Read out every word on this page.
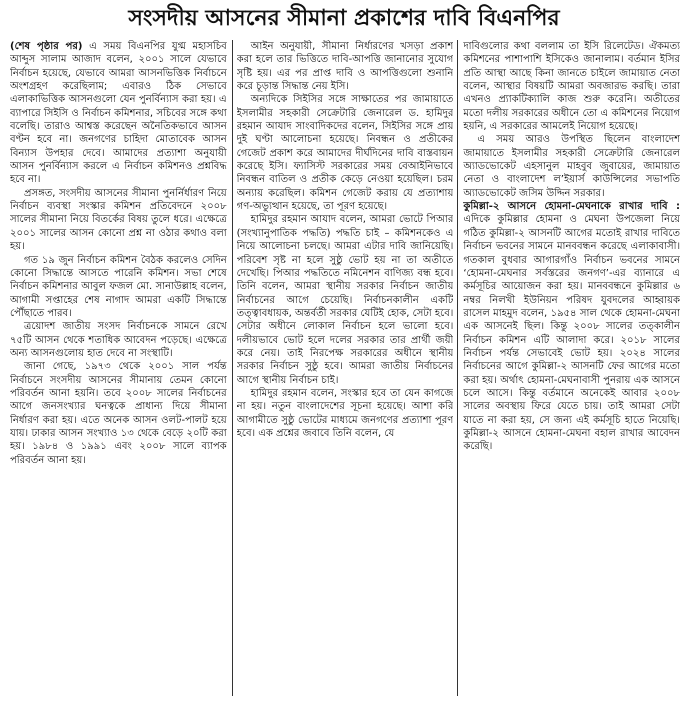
সংসদীয় আসনের সীমানা প্রকাশের দাবি বিএনপির

(শেষ পৃষ্ঠার পর) এ সময় বিএনপির যুগ্ম মহাসচিব আব্দুস সালাম আজাদ বলেন, ২০০১ সালে যেভাবে নির্বাচন হয়েছে, যেভাবে আমরা আসনভিত্তিক নির্বাচনে অংশগ্রহণ করেছিলাম; এবারও ঠিক সেভাবে এলাকাভিত্তিক আসনগুলো যেন পুনর্বিন্যাস করা হয়। এ ব্যাপারে সিইসি ও নির্বাচন কমিশনার, সচিবের সঙ্গে কথা বলেছি। তারাও আশ্বস্ত করেছেন অনৈতিকভাবে আসন বণ্টন হবে না। জনগণের চাহিদা মোতাবেক আসন বিন্যাস উপহার দেবে। আমাদের প্রত্যাশা অনুযায়ী আসন পুনর্বিন্যাস করলে এ নির্বাচন কমিশনও প্রশ্নবিদ্ধ হবে না।

প্রসঙ্গত, সংসদীয় আসনের সীমানা পুনর্নির্ধারণ নিয়ে নির্বাচন ব্যবস্থা সংস্কার কমিশন প্রতিবেদনে ২০০৮ সালের সীমানা নিয়ে বিতর্কের বিষয় তুলে ধরে। এক্ষেত্রে ২০০১ সালের আসন কোনো প্রশ্ন না ওঠার কথাও বলা হয়।

গত ১৯ জুন নির্বাচন কমিশন বৈঠক করলেও সেদিন কোনো সিদ্ধান্তে আসতে পারেনি কমিশন। সভা শেষে নির্বাচন কমিশনার আবুল ফজল মো. সানাউল্লাহ বলেন, আগামী সপ্তাহের শেষ নাগাদ আমরা একটি সিদ্ধান্তে পৌঁছাতে পারব।

ত্রয়োদশ জাতীয় সংসদ নির্বাচনকে সামনে রেখে ৭৫টি আসন থেকে শতাধিক আবেদন পড়েছে। এক্ষেত্রে অন্য আসনগুলোয় হাত দেবে না সংস্থাটি।

জানা গেছে, ১৯৭৩ থেকে ২০০১ সাল পর্যন্ত নির্বাচনে সংসদীয় আসনের সীমানায় তেমন কোনো পরিবর্তন আনা হয়নি। তবে ২০০৮ সালের নির্বাচনের আগে জনসংখ্যার ঘনত্বকে প্রাধান্য দিয়ে সীমানা নির্ধারণ করা হয়। এতে অনেক আসন ওলট-পালট হয়ে যায়। ঢাকার আসন সংখ্যাও ১৩ থেকে বেড়ে ২০টি করা হয়। ১৯৮৪ ও ১৯৯১ এবং ২০০৮ সালে ব্যাপক পরিবর্তন আনা হয়।

আইন অনুযায়ী, সীমানা নির্ধারণের খসড়া প্রকাশ করা হলে তার ভিত্তিতে দাবি-আপত্তি জানানোর সুযোগ সৃষ্টি হয়। এর পর প্রাপ্ত দাবি ও আপত্তিগুলো শুনানি করে চূড়ান্ত সিদ্ধান্ত নেয় ইসি।

অন্যদিকে সিইসির সঙ্গে সাক্ষাতের পর জামায়াতে ইসলামীর সহকারী সেক্রেটারি জেনারেল ড. হামিদুর রহমান আযাদ সাংবাদিকদের বলেন, সিইসির সঙ্গে প্রায় দুই ঘণ্টা আলোচনা হয়েছে। নিবন্ধন ও প্রতীকের গেজেট প্রকাশ করে আমাদের দীর্ঘদিনের দাবি বাস্তবায়ন করেছে ইসি। ফ্যাসিস্ট সরকারের সময় বেআইনিভাবে নিবন্ধন বাতিল ও প্রতীক কেড়ে নেওয়া হয়েছিল। চরম অন্যায় করেছিল। কমিশন গেজেট করায় যে প্রত্যাশায় গণ-অভ্যুত্থান হয়েছে, তা পূরণ হয়েছে।

হামিদুর রহমান আযাদ বলেন, আমরা ভোটে পিআর (সংখ্যানুপাতিক পদ্ধতি) পদ্ধতি চাই – কমিশনকেও এ নিয়ে আলোচনা চলছে। আমরা এটার দাবি জানিয়েছি। পরিবেশ সৃষ্ট না হলে সুষ্ঠু ভোট হয় না তা অতীতে দেখেছি। পিআর পদ্ধতিতে নমিনেশন বাণিজ্য বন্ধ হবে। তিনি বলেন, আমরা স্থানীয় সরকার নির্বাচন জাতীয় নির্বাচনের আগে চেয়েছি। নির্বাচনকালীন একটি তত্ত্বাবধায়ক, অন্তর্বর্তী সরকার যেটিই হোক, সেটা হবে। সেটার অধীনে লোকাল নির্বাচন হলে ভালো হবে। দলীয়ভাবে ভোট হলে দলের সরকার তার প্রার্থী জয়ী করে নেয়। তাই নিরপেক্ষ সরকারের অধীনে স্থানীয় সরকার নির্বাচন সুষ্ঠু হবে। আমরা জাতীয় নির্বাচনের আগে স্থানীয় নির্বাচন চাই।

হামিদুর রহমান বলেন, সংস্কার হবে তা যেন কাগজে না হয়। নতুন বাংলাদেশের সূচনা হয়েছে। আশা করি আগামীতে সুষ্ঠু ভোটের মাধ্যমে জনগণের প্রত্যাশা পূরণ হবে। এক প্রশ্নের জবাবে তিনি বলেন, যে

দাবিগুলোর কথা বললাম তা ইসি রিলেটেড। ঐকমত্য কমিশনের পাশাপাশি ইসিকেও জানালাম। বর্তমান ইসির প্রতি আস্থা আছে কিনা জানতে চাইলে জামায়াত নেতা বলেন, আস্থার বিষয়টি আমরা অবজারভ করছি। তারা এখনও প্র্যাকটিক্যালি কাজ শুরু করেনি। অতীতের মতো দলীয় সরকারের অধীনে তো এ কমিশনের নিয়োগ হয়নি, এ সরকারের আমলেই নিয়োগ হয়েছে।

এ সময় আরও উপস্থিত ছিলেন বাংলাদেশ জামায়াতে ইসলামীর সহকারী সেক্রেটারি জেনারেল অ্যাডভোকেট এহসানুল মাহবুব জুবায়ের, জামায়াত নেতা ও বাংলাদেশ ল’ইয়ার্স কাউন্সিলের সভাপতি অ্যাডভোকেট জসিম উদ্দিন সরকার।

কুমিল্লা-২ আসনে হোমনা-মেঘনাকে রাখার দাবি : এদিকে কুমিল্লার হোমনা ও মেঘনা উপজেলা নিয়ে গঠিত কুমিল্লা-২ আসনটি আগের মতোই রাখার দাবিতে নির্বাচন ভবনের সামনে মানববন্ধন করেছে এলাকাবাসী। গতকাল বুধবার আগারগাঁও নির্বাচন ভবনের সামনে ‘হোমনা-মেঘনার সর্বস্তরের জনগণ’-এর ব্যানারে এ কর্মসূচির আয়োজন করা হয়। মানববন্ধনে কুমিল্লার ৬ নম্বর নিলখী ইউনিয়ন পরিষদ যুবদলের আহ্বায়ক রাসেল মাহমুদ বলেন, ১৯৫৪ সাল থেকে হোমনা-মেঘনা এক আসনেই ছিল। কিন্তু ২০০৮ সালের তত্কালীন নির্বাচন কমিশন এটি আলাদা করে। ২০১৮ সালের নির্বাচন পর্যন্ত সেভাবেই ভোট হয়। ২০২৪ সালের নির্বাচনের আগে কুমিল্লা-২ আসনটি ফের আগের মতো করা হয়। অর্থাৎ হোমনা-মেঘনাবাসী পুনরায় এক আসনে চলে আসে। কিন্তু বর্তমানে অনেকেই আবার ২০০৮ সালের অবস্থায় ফিরে যেতে চায়। তাই আমরা সেটা যাতে না করা হয়, সে জন্য এই কর্মসূচি হাতে নিয়েছি। কুমিল্লা-২ আসনে হোমনা-মেঘনা বহাল রাখার আবেদন করেছি।
